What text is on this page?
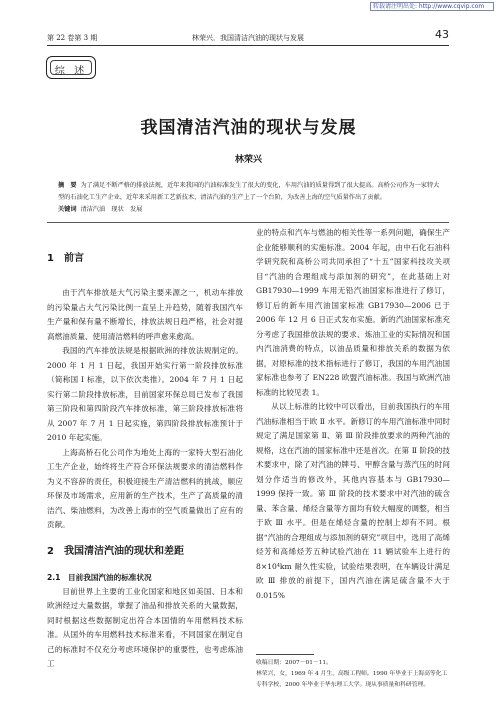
转载请注明出处: http://www.cqvip.com
第 22 卷第 3 期	林荣兴．我国清洁汽油的现状与发展	43
综 述
我国清洁汽油的现状与发展
林荣兴
摘　要 为了满足不断严格的排放法规，近年来我国的汽油标准发生了很大的变化，车用汽油的质量得到了很大提高。高桥公司作为一家特大型的石油化工生产企业，近年来采用新工艺新技术，清洁汽油的生产上了一个台阶，为改善上海的空气质量作出了贡献。
关键词 清洁汽油　现状　发展
1　前言

由于汽车排放是大气污染主要来源之一，机动车排放的污染量占大气污染比例一直呈上升趋势，随着我国汽车生产量和保有量不断增长，排放法规日趋严格，社会对提高燃油质量、使用清洁燃料的呼声愈来愈高。

我国的汽车排放法规是根据欧洲的排放法规制定的。2000 年 1 月 1 日起，我国开始实行第一阶段排放标准（简称国 Ⅰ 标准，以下依次类推）。2004 年 7 月 1 日起实行第二阶段排放标准，目前国家环保总局已发布了我国第三阶段和第四阶段汽车排放标准，第三阶段排放标准将从 2007 年 7 月 1 日起实施，第四阶段排放标准预计于 2010 年起实施。

上海高桥石化公司作为地处上海的一家特大型石油化工生产企业，始终将生产符合环保法规要求的清洁燃料作为义不容辞的责任，积极迎接生产清洁燃料的挑战，顺应环保及市场需求，应用新的生产技术，生产了高质量的清洁汽、柴油燃料，为改善上海市的空气质量做出了应有的贡献。

2　我国清洁汽油的现状和差距
2.1　目前我国汽油的标准状况

目前世界上主要的工业化国家和地区如美国、日本和欧洲经过大量数据，掌握了油品和排放关系的大量数据，同时根据这些数据制定出符合本国情的车用燃料技术标准。从国外的车用燃料技术标准来看，不同国家在制定自己的标准时不仅充分考虑环境保护的重要性，也考虑炼油工

业的特点和汽车与燃油的相关性等一系列问题，确保生产企业能够顺利的实施标准。2004 年起，由中石化石油科学研究院和高桥公司共同承担了“十五”国家科技攻关项目“汽油的合理组成与添加剂的研究”，在此基础上对 GB17930—1999 车用无铅汽油国家标准进行了修订，修订后的新车用汽油国家标准 GB17930—2006 已于 2006 年 12 月 6 日正式发布实施。新的汽油国家标准充分考虑了我国排放法规的要求、炼油工业的实际情况和国内汽油消费的特点，以油品质量和排放关系的数据为依据，对原标准的技术指标进行了修订，我国的车用汽油国家标准也参考了 EN228 欧盟汽油标准。我国与欧洲汽油标准的比较见表 1。

从以上标准的比较中可以看出，目前我国执行的车用汽油标准相当于欧 Ⅱ 水平。新修订的车用汽油标准中同时规定了满足国家第 Ⅱ、第 Ⅲ 阶段排放要求的两种汽油的规格，这在汽油的国家标准中还是首次。在第 Ⅱ 阶段的技术要求中，除了对汽油的牌号、甲醇含量与蒸汽压的时间划分作适当的修改外，其他内容基本与 GB17930—1999 保持一致。第 Ⅲ 阶段的技术要求中对汽油的硫含量、苯含量、烯烃含量等方面均有较大幅度的调整，相当于欧 Ⅲ 水平。但是在烯烃含量的控制上却有不同。根据“汽油的合理组成与添加剂的研究”项目中，选用了高烯烃芳和高烯烃芳五种试验汽油在 11 辆试验车上进行的 8×10⁴km 耐久性实验，试验结果表明，在车辆设计满足欧 Ⅲ 排放的前提下，国内汽油在满足硫含量不大于 0.015%

收稿日期：2007－01－11。
林荣兴，女，1969 年 4 月生，高级工程师。1990 年毕业于上海高等化工专科学校，2000 年毕业于华东理工大学。现从事质量和科研管理。
